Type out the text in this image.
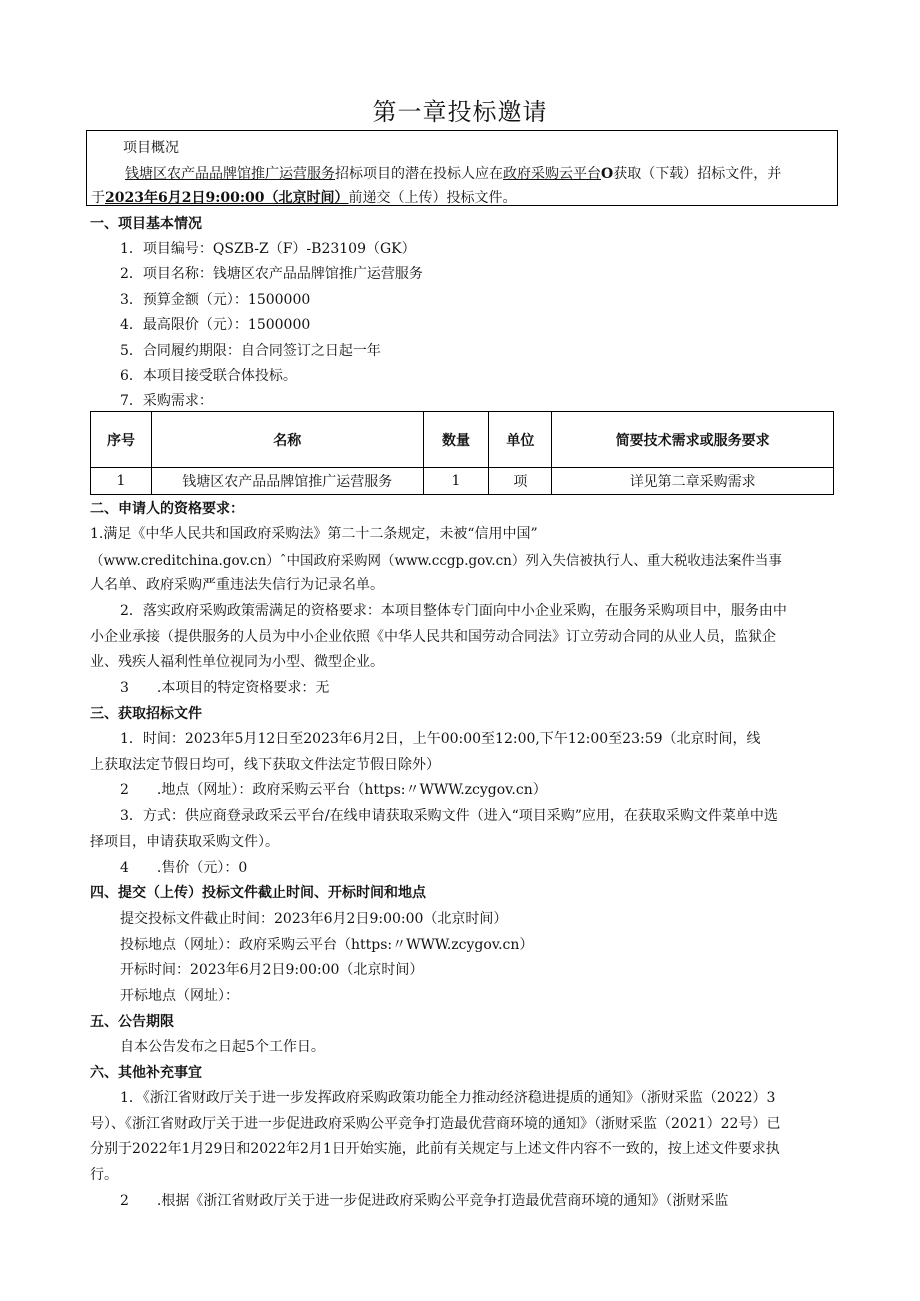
第一章投标邀请
项目概况
钱塘区农产品品牌馆推广运营服务招标项目的潜在投标人应在政府采购云平台O获取（下载）招标文件，并
于2023年6月2日9:00:00（北京时间）前递交（上传）投标文件。
一、项目基本情况
1．项目编号：QSZB-Z（F）-B23109（GK）
2．项目名称：钱塘区农产品品牌馆推广运营服务
3．预算金额（元）：1500000
4．最高限价（元）：1500000
5．合同履约期限：自合同签订之日起一年
6．本项目接受联合体投标。
7．采购需求：
序号	名称	数量	单位	简要技术需求或服务要求
1	钱塘区农产品品牌馆推广运营服务	1	项	详见第二章采购需求
二、申请人的资格要求：
1.满足《中华人民共和国政府采购法》第二十二条规定，未被“信用中国”
（www.creditchina.gov.cn）ˆ中国政府采购网（www.ccgp.gov.cn）列入失信被执行人、重大税收违法案件当事
人名单、政府采购严重违法失信行为记录名单。
2．落实政府采购政策需满足的资格要求：本项目整体专门面向中小企业采购，在服务采购项目中，服务由中
小企业承接（提供服务的人员为中小企业依照《中华人民共和国劳动合同法》订立劳动合同的从业人员，监狱企
业、残疾人福利性单位视同为小型、微型企业。
3　　.本项目的特定资格要求：无
三、获取招标文件
1．时间：2023年5月12日至2023年6月2日，上午00:00至12:00,下午12:00至23:59（北京时间，线
上获取法定节假日均可，线下获取文件法定节假日除外）
2　　.地点（网址）：政府采购云平台（https:〃WWW.zcygov.cn）
3．方式：供应商登录政采云平台/在线申请获取采购文件（进入“项目采购”应用，在获取采购文件菜单中选
择项目，申请获取采购文件）。
4　　.售价（元）：0
四、提交（上传）投标文件截止时间、开标时间和地点
提交投标文件截止时间：2023年6月2日9:00:00（北京时间）
投标地点（网址）：政府采购云平台（https:〃WWW.zcygov.cn）
开标时间：2023年6月2日9:00:00（北京时间）
开标地点（网址）：
五、公告期限
自本公告发布之日起5个工作日。
六、其他补充事宜
1．《浙江省财政厅关于进一步发挥政府采购政策功能全力推动经济稳进提质的通知》（浙财采监（2022）3
号）、《浙江省财政厅关于进一步促进政府采购公平竞争打造最优营商环境的通知》（浙财采监（2021）22号）已
分别于2022年1月29日和2022年2月1日开始实施，此前有关规定与上述文件内容不一致的，按上述文件要求执
行。
2　　.根据《浙江省财政厅关于进一步促进政府采购公平竞争打造最优营商环境的通知》（浙财采监
